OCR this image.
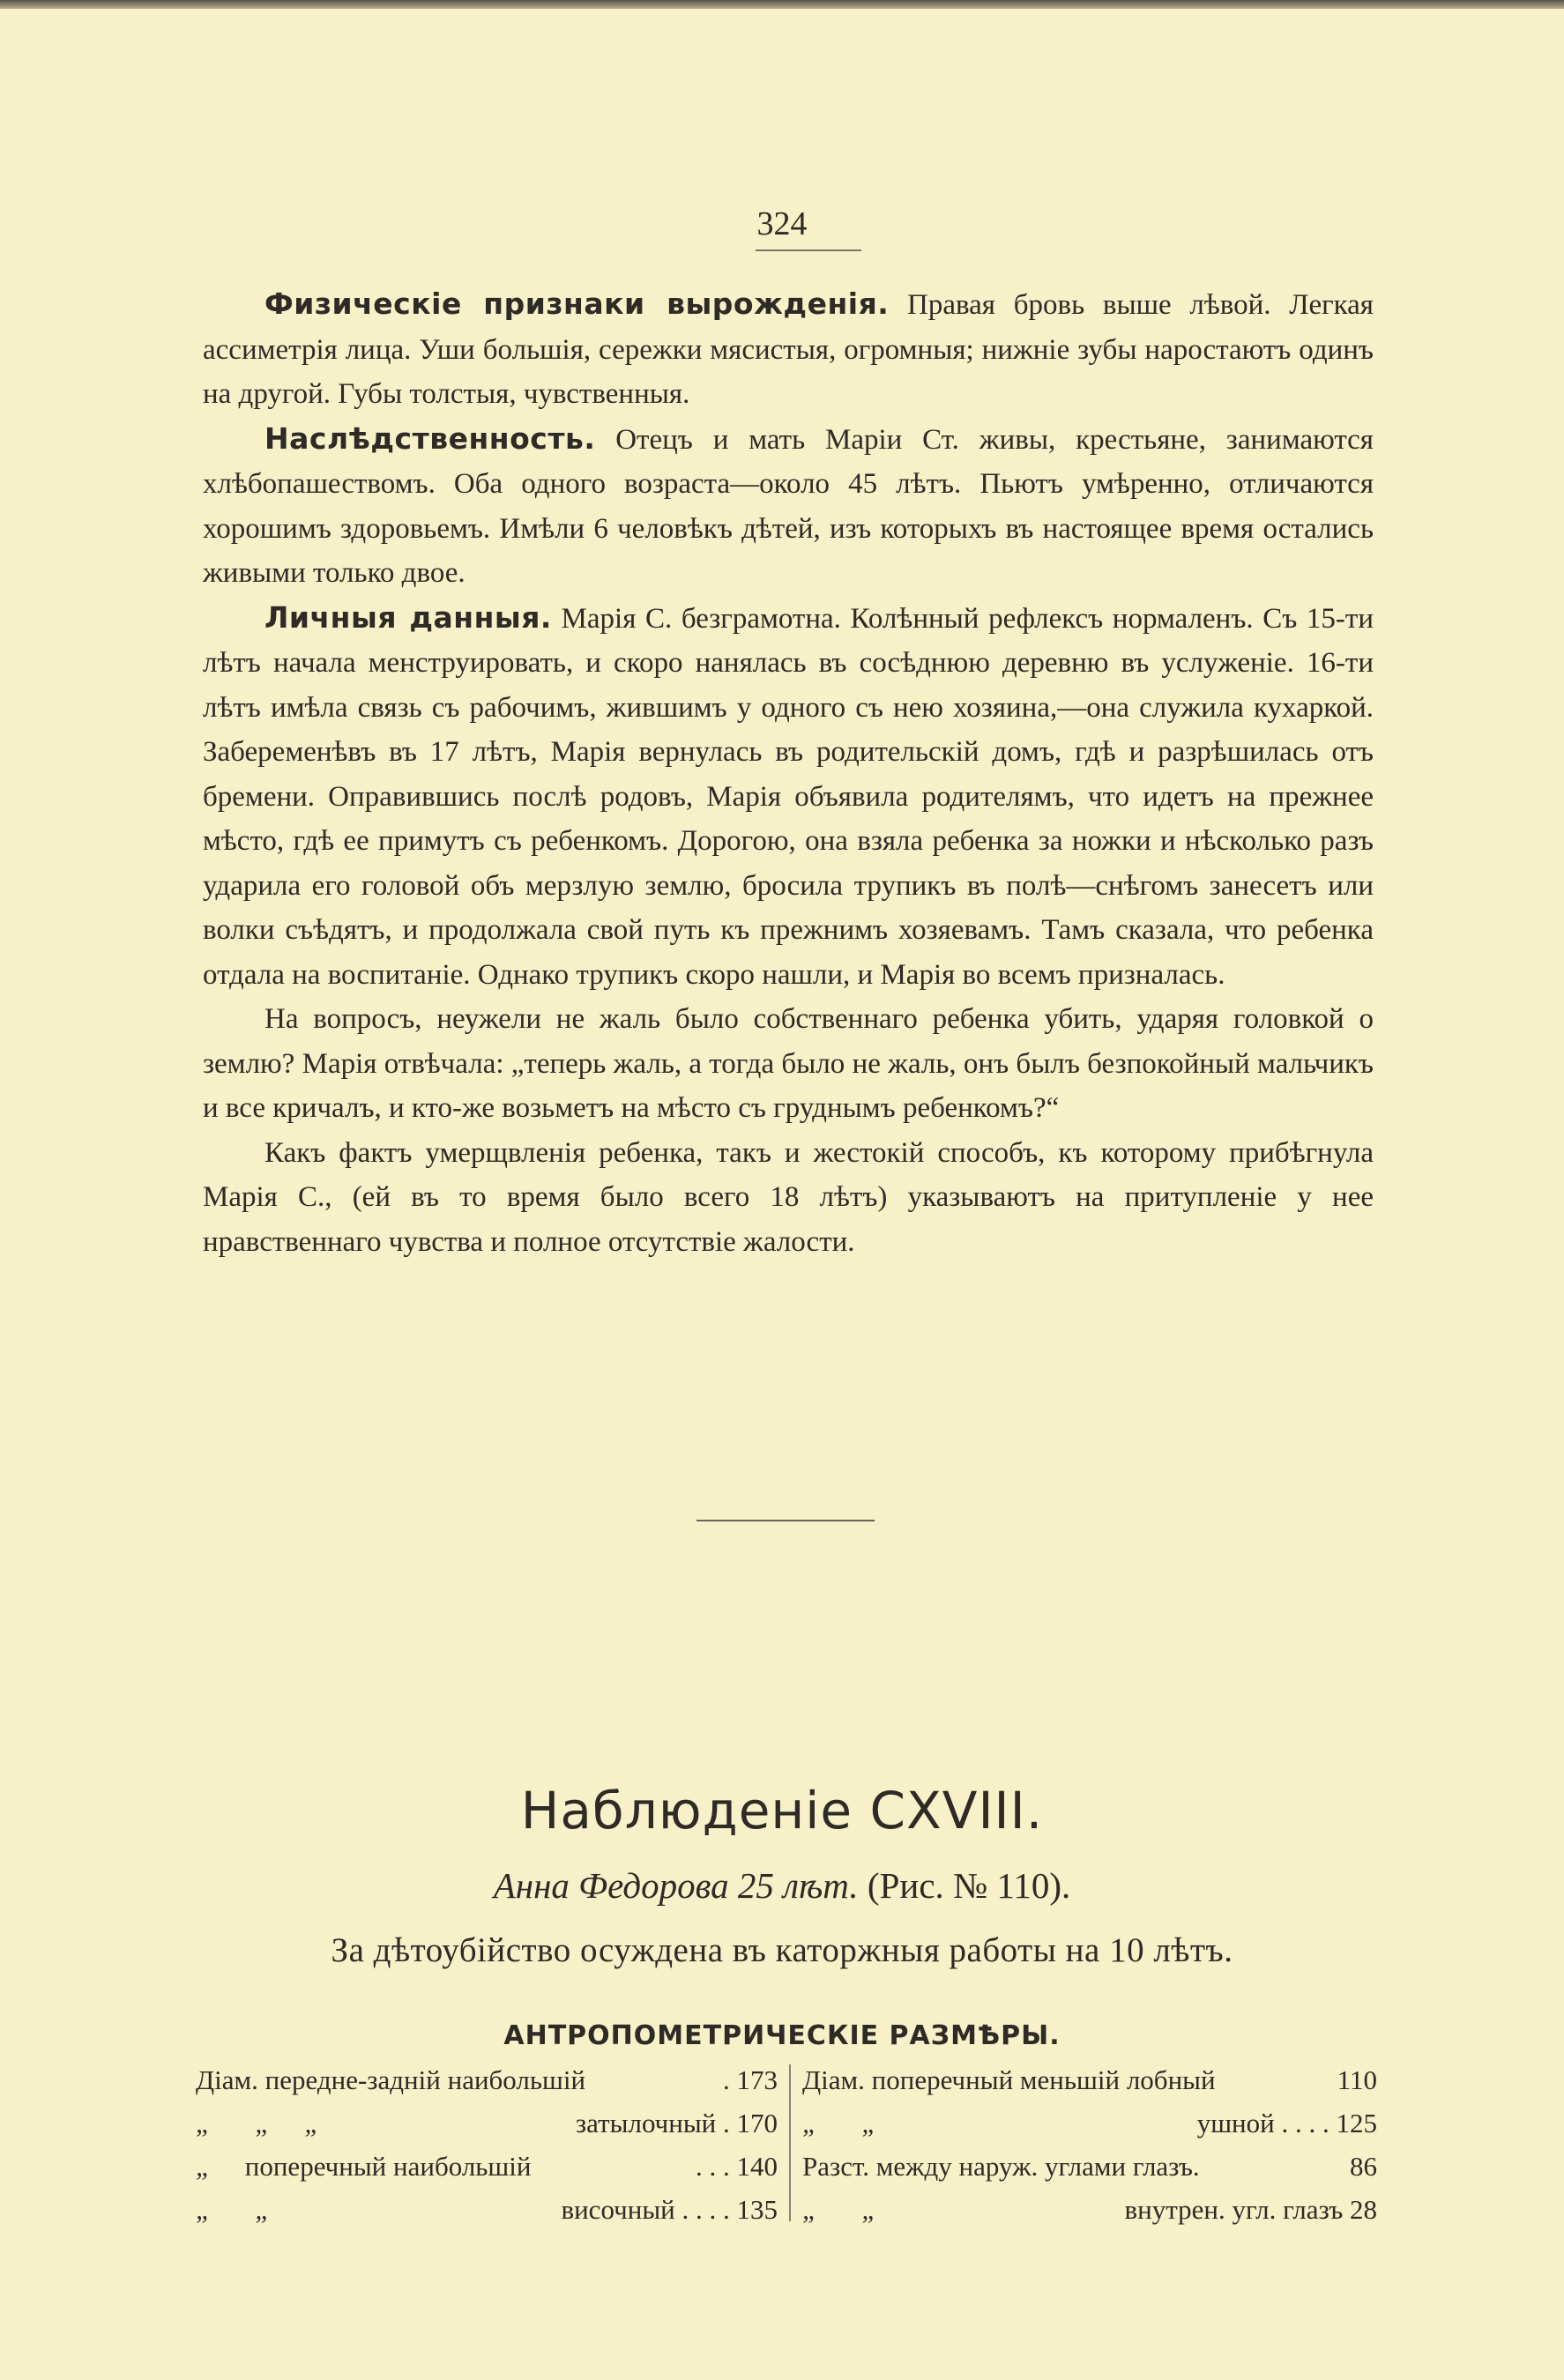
324

Физическіе признаки вырожденія. Правая бровь выше лѣвой. Легкая ассиметрія лица. Уши большія, сережки мясистыя, огромныя; нижніе зубы наростаютъ одинъ на другой. Губы толстыя, чувственныя.

Наслѣдственность. Отецъ и мать Маріи Ст. живы, крестьяне, занимаются хлѣбопашествомъ. Оба одного возраста—около 45 лѣтъ. Пьютъ умѣренно, отличаются хорошимъ здоровьемъ. Имѣли 6 человѣкъ дѣтей, изъ которыхъ въ настоящее время остались живыми только двое.

Личныя данныя. Марія С. безграмотна. Колѣнный рефлексъ нормаленъ. Съ 15-ти лѣтъ начала менструировать, и скоро нанялась въ сосѣднюю деревню въ услуженіе. 16-ти лѣтъ имѣла связь съ рабочимъ, жившимъ у одного съ нею хозяина,—она служила кухаркой. Забеременѣвъ въ 17 лѣтъ, Марія вернулась въ родительскій домъ, гдѣ и разрѣшилась отъ бремени. Оправившись послѣ родовъ, Марія объявила родителямъ, что идетъ на прежнее мѣсто, гдѣ ее примутъ съ ребенкомъ. Дорогою, она взяла ребенка за ножки и нѣсколько разъ ударила его головой объ мерзлую землю, бросила трупикъ въ полѣ—снѣгомъ занесетъ или волки съѣдятъ, и продолжала свой путь къ прежнимъ хозяевамъ. Тамъ сказала, что ребенка отдала на воспитаніе. Однако трупикъ скоро нашли, и Марія во всемъ призналась.

На вопросъ, неужели не жаль было собственнаго ребенка убить, ударяя головкой о землю? Марія отвѣчала: „теперь жаль, а тогда было не жаль, онъ былъ безпокойный мальчикъ и все кричалъ, и кто-же возьметъ на мѣсто съ груднымъ ребенкомъ?“

Какъ фактъ умерщвленія ребенка, такъ и жестокій способъ, къ которому прибѣгнула Марія С., (ей въ то время было всего 18 лѣтъ) указываютъ на притупленіе у нее нравственнаго чувства и полное отсутствіе жалости.

Наблюденіе CXVIII.
Анна Федорова 25 лѣт. (Рис. № 110).
За дѣтоубійство осуждена въ каторжныя работы на 10 лѣтъ.
АНТРОПОМЕТРИЧЕСКІЕ РАЗМѢРЫ.
Діам. передне-задній наибольшій	. 173
„ „ „	затылочный . 170
„ поперечный наибольшій	. . . 140
„ „	височный . . . . 135
Діам. поперечный меньшій лобный	110
„ „	ушной . . . . 125
Разст. между наруж. углами глазъ.	86
„ „	внутрен. угл. глазъ 28
